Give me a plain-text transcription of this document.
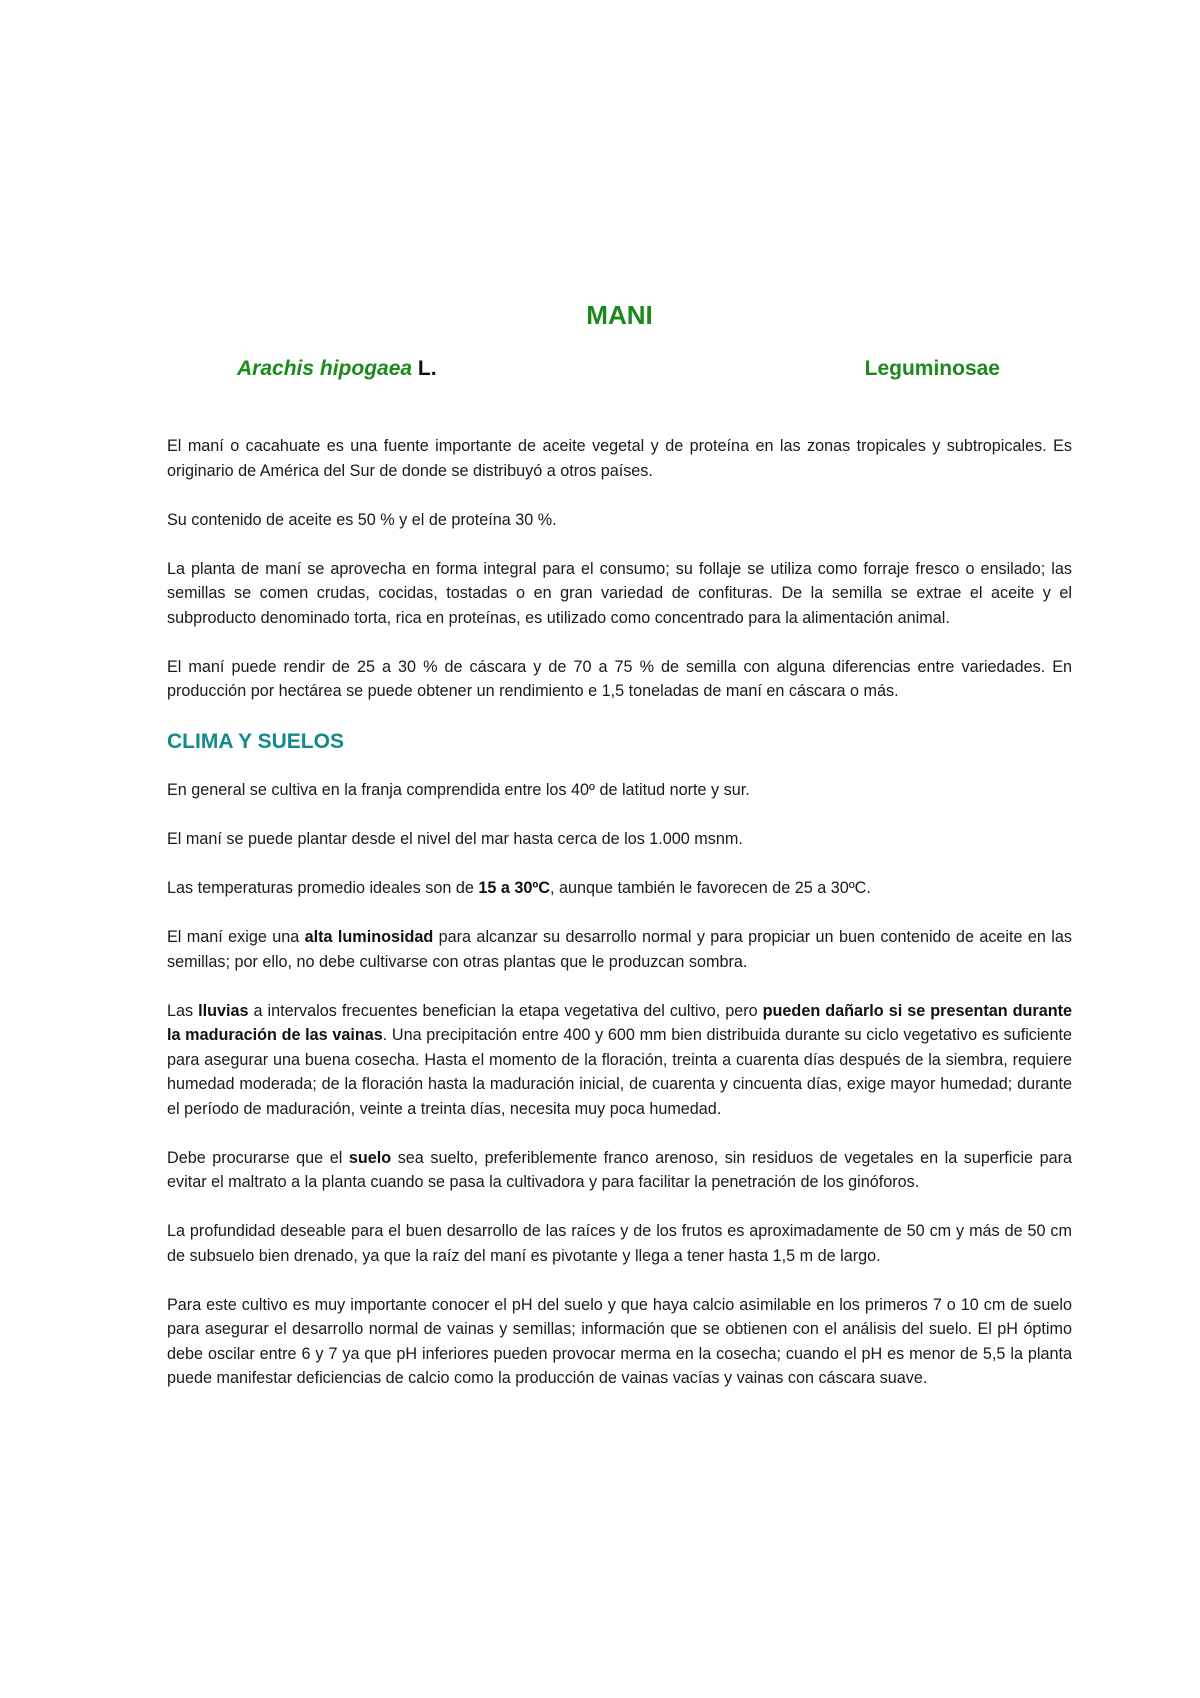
MANI
Arachis hipogaea L.	Leguminosae

El maní o cacahuate es una fuente importante de aceite vegetal y de proteína en las zonas tropicales y subtropicales. Es originario de América del Sur de donde se distribuyó a otros países.

Su contenido de aceite es 50 % y el de proteína 30 %.

La planta de maní se aprovecha en forma integral para el consumo; su follaje se utiliza como forraje fresco o ensilado; las semillas se comen crudas, cocidas, tostadas o en gran variedad de confituras. De la semilla se extrae el aceite y el subproducto denominado torta, rica en proteínas, es utilizado como concentrado para la alimentación animal.

El maní puede rendir de 25 a 30 % de cáscara y de 70 a 75 % de semilla con alguna diferencias entre variedades. En producción por hectárea se puede obtener un rendimiento e 1,5 toneladas de maní en cáscara o más.

CLIMA Y SUELOS

En general se cultiva en la franja comprendida entre los 40º de latitud norte y sur.

El maní se puede plantar desde el nivel del mar hasta cerca de los 1.000 msnm.

Las temperaturas promedio ideales son de 15 a 30ºC, aunque también le favorecen de 25 a 30ºC.

El maní exige una alta luminosidad para alcanzar su desarrollo normal y para propiciar un buen contenido de aceite en las semillas; por ello, no debe cultivarse con otras plantas que le produzcan sombra.

Las lluvias a intervalos frecuentes benefician la etapa vegetativa del cultivo, pero pueden dañarlo si se presentan durante la maduración de las vainas. Una precipitación entre 400 y 600 mm bien distribuida durante su ciclo vegetativo es suficiente para asegurar una buena cosecha. Hasta el momento de la floración, treinta a cuarenta días después de la siembra, requiere humedad moderada; de la floración hasta la maduración inicial, de cuarenta y cincuenta días, exige mayor humedad; durante el período de maduración, veinte a treinta días, necesita muy poca humedad.

Debe procurarse que el suelo sea suelto, preferiblemente franco arenoso, sin residuos de vegetales en la superficie para evitar el maltrato a la planta cuando se pasa la cultivadora y para facilitar la penetración de los ginóforos.

La profundidad deseable para el buen desarrollo de las raíces y de los frutos es aproximadamente de 50 cm y más de 50 cm de subsuelo bien drenado, ya que la raíz del maní es pivotante y llega a tener hasta 1,5 m de largo.

Para este cultivo es muy importante conocer el pH del suelo y que haya calcio asimilable en los primeros 7 o 10 cm de suelo para asegurar el desarrollo normal de vainas y semillas; información que se obtienen con el análisis del suelo. El pH óptimo debe oscilar entre 6 y 7 ya que pH inferiores pueden provocar merma en la cosecha; cuando el pH es menor de 5,5 la planta puede manifestar deficiencias de calcio como la producción de vainas vacías y vainas con cáscara suave.
